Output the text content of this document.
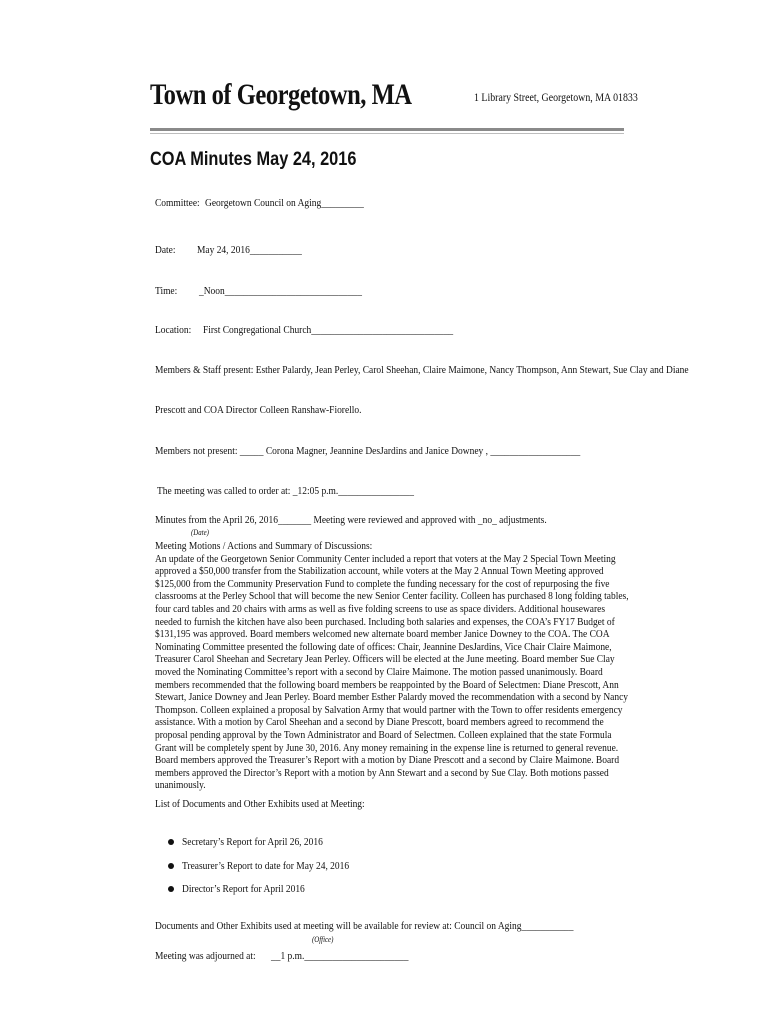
Town of Georgetown, MA	1 Library Street, Georgetown, MA 01833
COA Minutes May 24, 2016
Committee: Georgetown Council on Aging_________
Date: May 24, 2016___________
Time: _Noon_____________________________
Location: First Congregational Church______________________________
Members & Staff present: Esther Palardy, Jean Perley, Carol Sheehan, Claire Maimone, Nancy Thompson, Ann Stewart, Sue Clay and Diane
Prescott and COA Director Colleen Ranshaw-Fiorello.
Members not present: _____ Corona Magner, Jeannine DesJardins and Janice Downey , ___________________
The meeting was called to order at: _12:05 p.m.________________
Minutes from the April 26, 2016_______ Meeting were reviewed and approved with _no_ adjustments.
(Date)
Meeting Motions / Actions and Summary of Discussions:
An update of the Georgetown Senior Community Center included a report that voters at the May 2 Special Town Meeting approved a $50,000 transfer from the Stabilization account, while voters at the May 2 Annual Town Meeting approved $125,000 from the Community Preservation Fund to complete the funding necessary for the cost of repurposing the five classrooms at the Perley School that will become the new Senior Center facility. Colleen has purchased 8 long folding tables, four card tables and 20 chairs with arms as well as five folding screens to use as space dividers. Additional housewares needed to furnish the kitchen have also been purchased. Including both salaries and expenses, the COA’s FY17 Budget of $131,195 was approved. Board members welcomed new alternate board member Janice Downey to the COA. The COA Nominating Committee presented the following date of offices: Chair, Jeannine DesJardins, Vice Chair Claire Maimone, Treasurer Carol Sheehan and Secretary Jean Perley. Officers will be elected at the June meeting. Board member Sue Clay moved the Nominating Committee’s report with a second by Claire Maimone. The motion passed unanimously. Board members recommended that the following board members be reappointed by the Board of Selectmen: Diane Prescott, Ann Stewart, Janice Downey and Jean Perley. Board member Esther Palardy moved the recommendation with a second by Nancy Thompson. Colleen explained a proposal by Salvation Army that would partner with the Town to offer residents emergency assistance. With a motion by Carol Sheehan and a second by Diane Prescott, board members agreed to recommend the proposal pending approval by the Town Administrator and Board of Selectmen. Colleen explained that the state Formula Grant will be completely spent by June 30, 2016. Any money remaining in the expense line is returned to general revenue. Board members approved the Treasurer’s Report with a motion by Diane Prescott and a second by Claire Maimone. Board members approved the Director’s Report with a motion by Ann Stewart and a second by Sue Clay. Both motions passed unanimously.
List of Documents and Other Exhibits used at Meeting:
Secretary’s Report for April 26, 2016
Treasurer’s Report to date for May 24, 2016
Director’s Report for April 2016
Documents and Other Exhibits used at meeting will be available for review at: Council on Aging___________
(Office)
Meeting was adjourned at: __1 p.m.______________________
